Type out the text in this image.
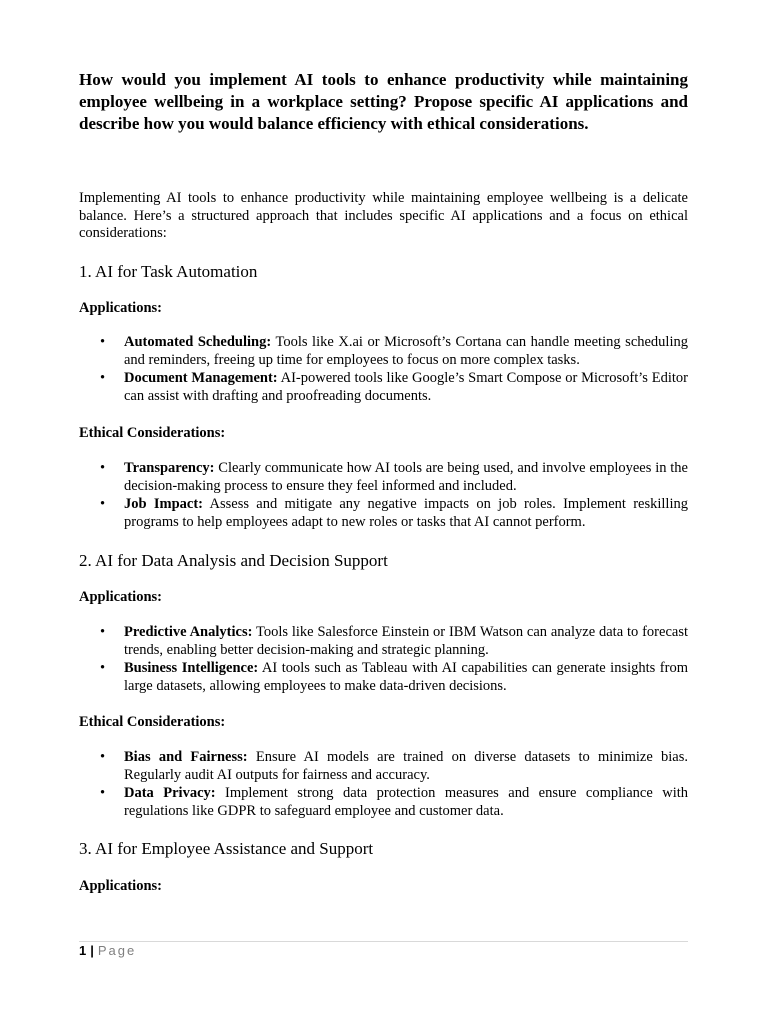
How would you implement AI tools to enhance productivity while maintaining employee wellbeing in a workplace setting? Propose specific AI applications and describe how you would balance efficiency with ethical considerations.

Implementing AI tools to enhance productivity while maintaining employee wellbeing is a delicate balance. Here’s a structured approach that includes specific AI applications and a focus on ethical considerations:

1. AI for Task Automation
Applications:
• Automated Scheduling: Tools like X.ai or Microsoft’s Cortana can handle meeting scheduling and reminders, freeing up time for employees to focus on more complex tasks.
• Document Management: AI-powered tools like Google’s Smart Compose or Microsoft’s Editor can assist with drafting and proofreading documents.
Ethical Considerations:
• Transparency: Clearly communicate how AI tools are being used, and involve employees in the decision-making process to ensure they feel informed and included.
• Job Impact: Assess and mitigate any negative impacts on job roles. Implement reskilling programs to help employees adapt to new roles or tasks that AI cannot perform.
2. AI for Data Analysis and Decision Support
Applications:
• Predictive Analytics: Tools like Salesforce Einstein or IBM Watson can analyze data to forecast trends, enabling better decision-making and strategic planning.
• Business Intelligence: AI tools such as Tableau with AI capabilities can generate insights from large datasets, allowing employees to make data-driven decisions.
Ethical Considerations:
• Bias and Fairness: Ensure AI models are trained on diverse datasets to minimize bias. Regularly audit AI outputs for fairness and accuracy.
• Data Privacy: Implement strong data protection measures and ensure compliance with regulations like GDPR to safeguard employee and customer data.
3. AI for Employee Assistance and Support
Applications:
1 | Page
